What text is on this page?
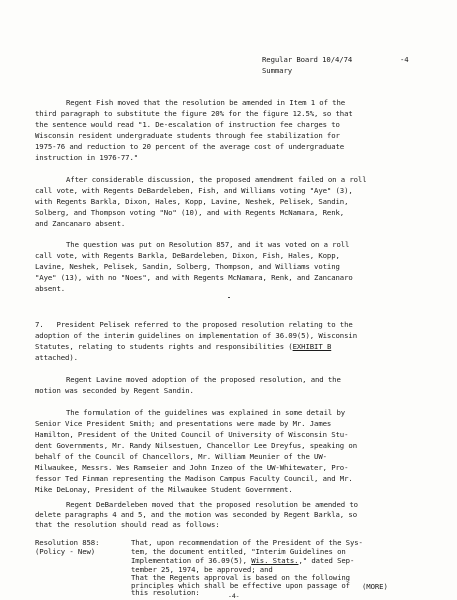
Regular Board 10/4/74	-4
Summary
Regent Fish moved that the resolution be amended in Item 1 of the
third paragraph to substitute the figure 20% for the figure 12.5%, so that
the sentence would read "1. De-escalation of instruction fee charges to
Wisconsin resident undergraduate students through fee stabilization for
1975-76 and reduction to 20 percent of the average cost of undergraduate
instruction in 1976-77."
After considerable discussion, the proposed amendment failed on a roll
call vote, with Regents DeBardeleben, Fish, and Williams voting "Aye" (3),
with Regents Barkla, Dixon, Hales, Kopp, Lavine, Neshek, Pelisek, Sandin,
Solberg, and Thompson voting "No" (10), and with Regents McNamara, Renk,
and Zancanaro absent.
The question was put on Resolution 857, and it was voted on a roll
call vote, with Regents Barkla, DeBardeleben, Dixon, Fish, Hales, Kopp,
Lavine, Neshek, Pelisek, Sandin, Solberg, Thompson, and Williams voting
"Aye" (13), with no "Noes", and with Regents McNamara, Renk, and Zancanaro
absent.
7.   President Pelisek referred to the proposed resolution relating to the
adoption of the interim guidelines on implementation of 36.09(5), Wisconsin
Statutes, relating to students rights and responsibilities (EXHIBIT B
attached).
Regent Lavine moved adoption of the proposed resolution, and the
motion was seconded by Regent Sandin.
The formulation of the guidelines was explained in some detail by
Senior Vice President Smith; and presentations were made by Mr. James
Hamilton, President of the United Council of University of Wisconsin Stu-
dent Governments, Mr. Randy Nilsestuen, Chancellor Lee Dreyfus, speaking on
behalf of the Council of Chancellors, Mr. William Meunier of the UW-
Milwaukee, Messrs. Wes Ramseier and John Inzeo of the UW-Whitewater, Pro-
fessor Ted Finman representing the Madison Campus Faculty Council, and Mr.
Mike DeLonay, President of the Milwaukee Student Government.
Regent DeBardeleben moved that the proposed resolution be amended to
delete paragraphs 4 and 5, and the motion was seconded by Regent Barkla, so
that the resolution should read as follows:
Resolution 858:
(Policy - New)
That, upon recommendation of the President of the Sys-
tem, the document entitled, "Interim Guidelines on
Implementation of 36.09(5), Wis. Stats.," dated Sep-
tember 25, 1974, be approved; and
That the Regents approval is based on the following
principles which shall be effective upon passage of
this resolution:
(MORE)
-4-
